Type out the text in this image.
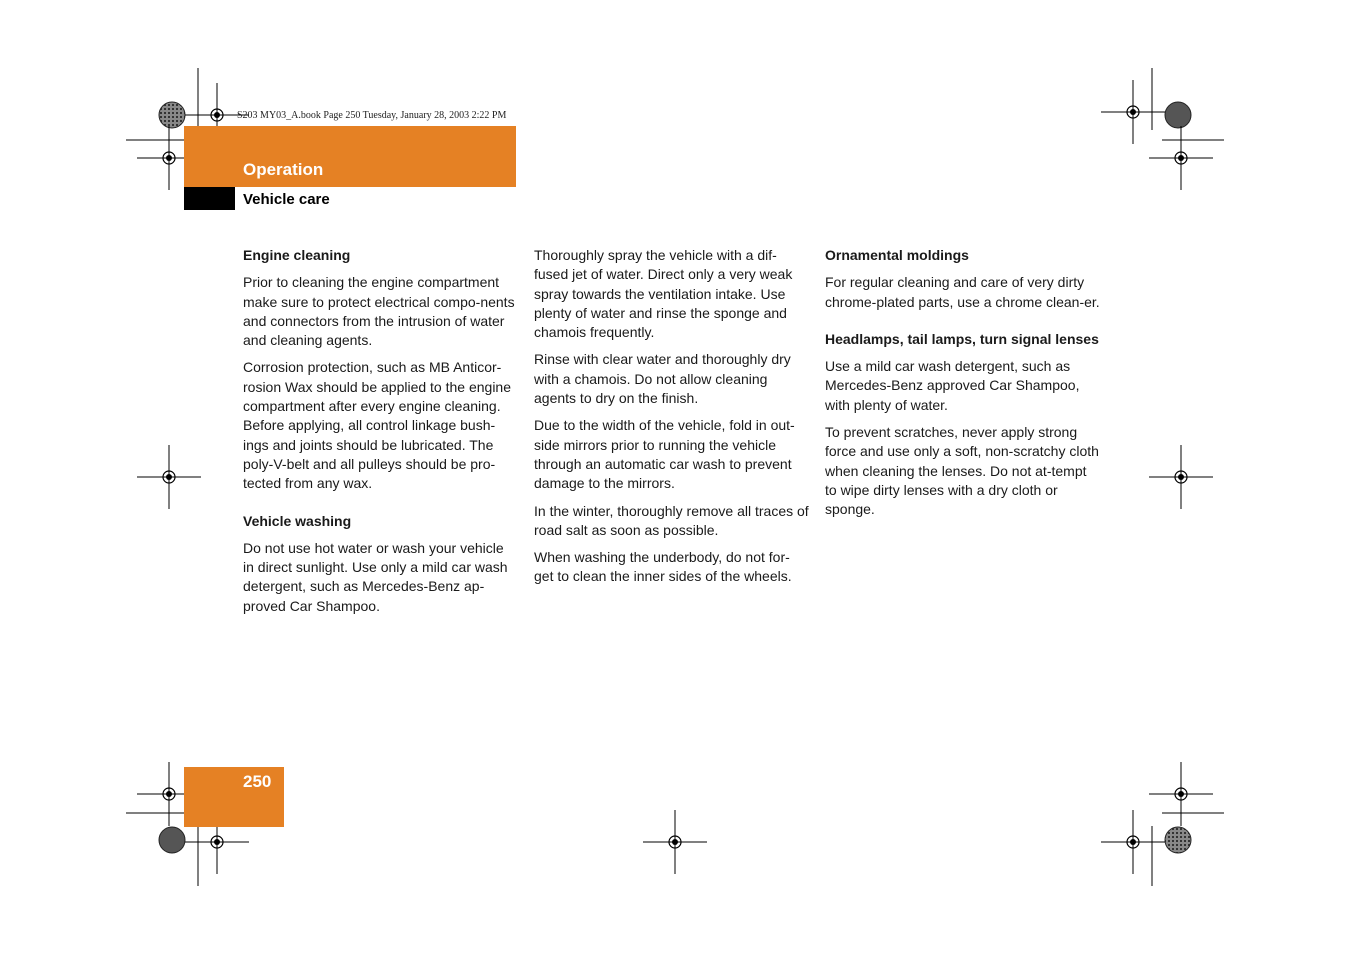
S203 MY03_A.book Page 250 Tuesday, January 28, 2003 2:22 PM
Operation
Vehicle care
Engine cleaning

Prior to cleaning the engine compartment make sure to protect electrical compo-nents and connectors from the intrusion of water and cleaning agents.

Corrosion protection, such as MB Anticor-rosion Wax should be applied to the engine compartment after every engine cleaning. Before applying, all control linkage bush-ings and joints should be lubricated. The poly-V-belt and all pulleys should be pro-tected from any wax.

Vehicle washing

Do not use hot water or wash your vehicle in direct sunlight. Use only a mild car wash detergent, such as Mercedes-Benz ap-proved Car Shampoo.

Thoroughly spray the vehicle with a dif-fused jet of water. Direct only a very weak spray towards the ventilation intake. Use plenty of water and rinse the sponge and chamois frequently.

Rinse with clear water and thoroughly dry with a chamois. Do not allow cleaning agents to dry on the finish.

Due to the width of the vehicle, fold in out-side mirrors prior to running the vehicle through an automatic car wash to prevent damage to the mirrors.

In the winter, thoroughly remove all traces of road salt as soon as possible.

When washing the underbody, do not for-get to clean the inner sides of the wheels.

Ornamental moldings

For regular cleaning and care of very dirty chrome-plated parts, use a chrome clean-er.

Headlamps, tail lamps, turn signal lenses

Use a mild car wash detergent, such as Mercedes-Benz approved Car Shampoo, with plenty of water.

To prevent scratches, never apply strong force and use only a soft, non-scratchy cloth when cleaning the lenses. Do not at-tempt to wipe dirty lenses with a dry cloth or sponge.

250
